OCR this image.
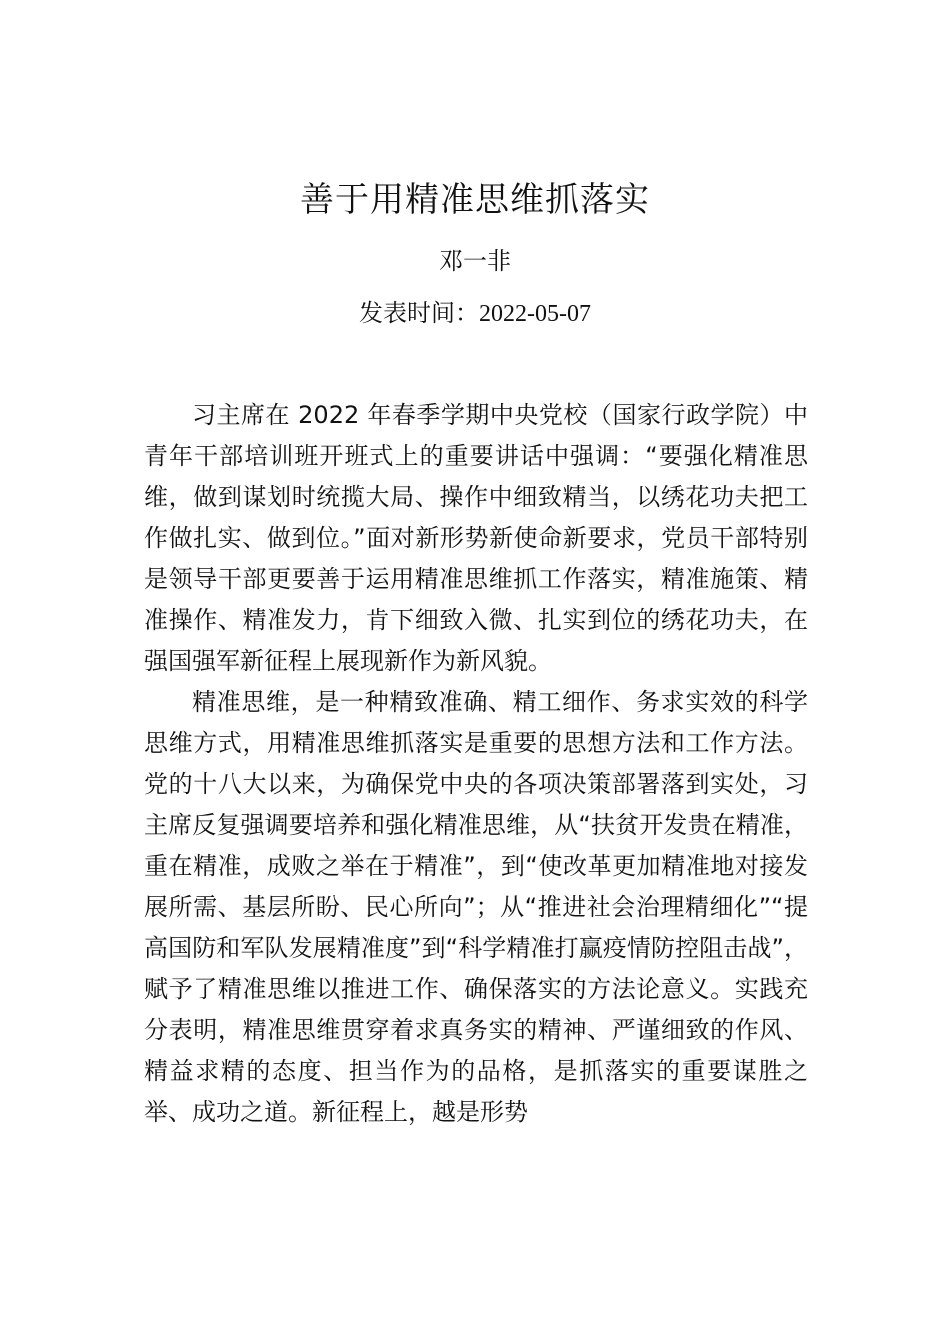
善于用精准思维抓落实
邓一非
发表时间：2022-05-07

习主席在 2022 年春季学期中央党校（国家行政学院）中青年干部培训班开班式上的重要讲话中强调：“要强化精准思维，做到谋划时统揽大局、操作中细致精当，以绣花功夫把工作做扎实、做到位。”面对新形势新使命新要求，党员干部特别是领导干部更要善于运用精准思维抓工作落实，精准施策、精准操作、精准发力，肯下细致入微、扎实到位的绣花功夫，在强国强军新征程上展现新作为新风貌。

精准思维，是一种精致准确、精工细作、务求实效的科学思维方式，用精准思维抓落实是重要的思想方法和工作方法。党的十八大以来，为确保党中央的各项决策部署落到实处，习主席反复强调要培养和强化精准思维，从“扶贫开发贵在精准，重在精准，成败之举在于精准”，到“使改革更加精准地对接发展所需、基层所盼、民心所向”；从“推进社会治理精细化”“提高国防和军队发展精准度”到“科学精准打赢疫情防控阻击战”，赋予了精准思维以推进工作、确保落实的方法论意义。实践充分表明，精准思维贯穿着求真务实的精神、严谨细致的作风、精益求精的态度、担当作为的品格，是抓落实的重要谋胜之举、成功之道。新征程上，越是形势
